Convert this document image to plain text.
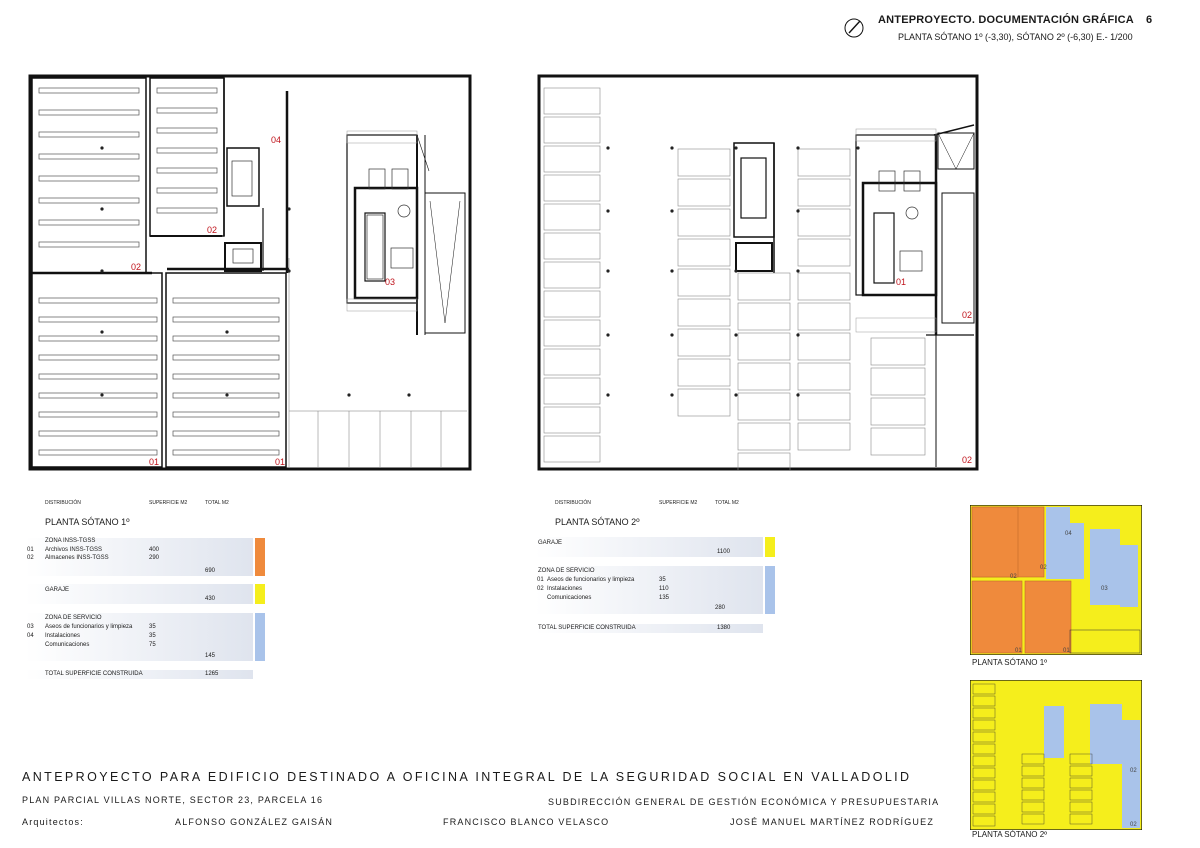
ANTEPROYECTO. DOCUMENTACIÓN GRÁFICA 6
PLANTA SÓTANO 1º (-3,30), SÓTANO 2º (-6,30) E.- 1/200
04
02
02
03
01	01
01
02
02
DISTRIBUCIÓN	SUPERFICIE M2	TOTAL M2
PLANTA SÓTANO 1º
ZONA INSS-TGSS
01 Archivos INSS-TGSS	400
02 Almacenes INSS-TGSS	290
690
GARAJE
430
ZONA DE SERVICIO
03 Aseos de funcionarios y limpieza	35
04 Instalaciones	35
Comunicaciones	75
145
TOTAL SUPERFICIE CONSTRUIDA	1265
DISTRIBUCIÓN	SUPERFICIE M2	TOTAL M2
PLANTA SÓTANO 2º
GARAJE
1100
ZONA DE SERVICIO
01 Aseos de funcionarios y limpieza	35
02 Instalaciones	110
Comunicaciones	135
280
TOTAL SUPERFICIE CONSTRUIDA	1380
04
02
02
03
01	01
PLANTA SÓTANO 1º
02
02
PLANTA SÓTANO 2º
ANTEPROYECTO PARA EDIFICIO DESTINADO A OFICINA INTEGRAL DE LA SEGURIDAD SOCIAL EN VALLADOLID
PLAN PARCIAL VILLAS NORTE, SECTOR 23, PARCELA 16	SUBDIRECCIÓN GENERAL DE GESTIÓN ECONÓMICA Y PRESUPUESTARIA
Arquitectos:	ALFONSO GONZÁLEZ GAISÁN	FRANCISCO BLANCO VELASCO	JOSÉ MANUEL MARTÍNEZ RODRÍGUEZ
